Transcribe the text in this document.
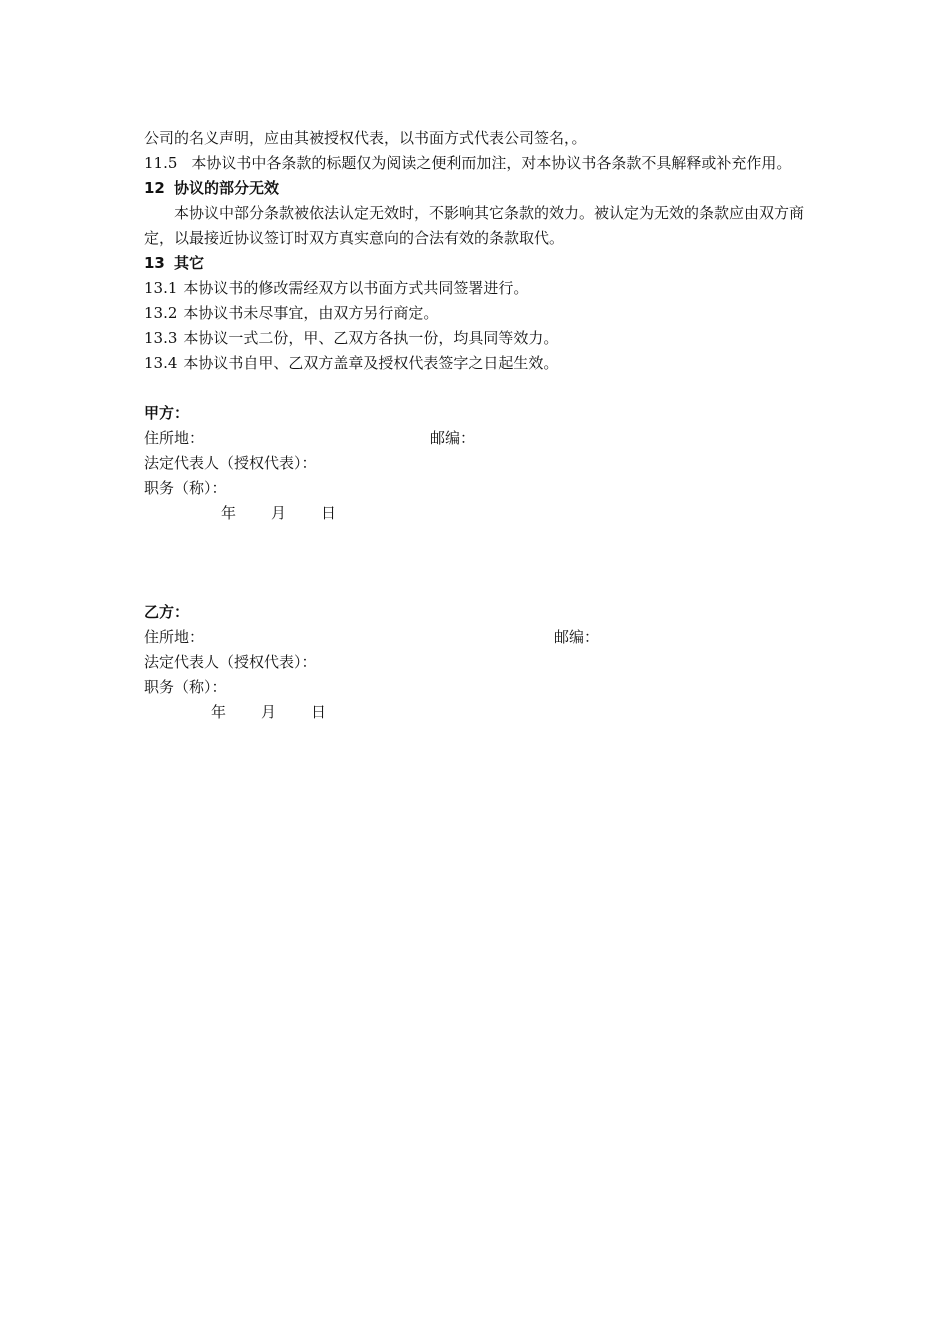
公司的名义声明，应由其被授权代表，以书面方式代表公司签名，。
11.5 本协议书中各条款的标题仅为阅读之便利而加注，对本协议书各条款不具解释或补充作用。
12 协议的部分无效
本协议中部分条款被依法认定无效时，不影响其它条款的效力。被认定为无效的条款应由双方商定，以最接近协议签订时双方真实意向的合法有效的条款取代。
13 其它
13.1 本协议书的修改需经双方以书面方式共同签署进行。
13.2 本协议书未尽事宜，由双方另行商定。
13.3 本协议一式二份，甲、乙双方各执一份，均具同等效力。
13.4 本协议书自甲、乙双方盖章及授权代表签字之日起生效。
甲方：
住所地：	邮编：
法定代表人（授权代表）：
职务（称）：
年 月 日
乙方：
住所地：	邮编：
法定代表人（授权代表）：
职务（称）：
年 月 日
